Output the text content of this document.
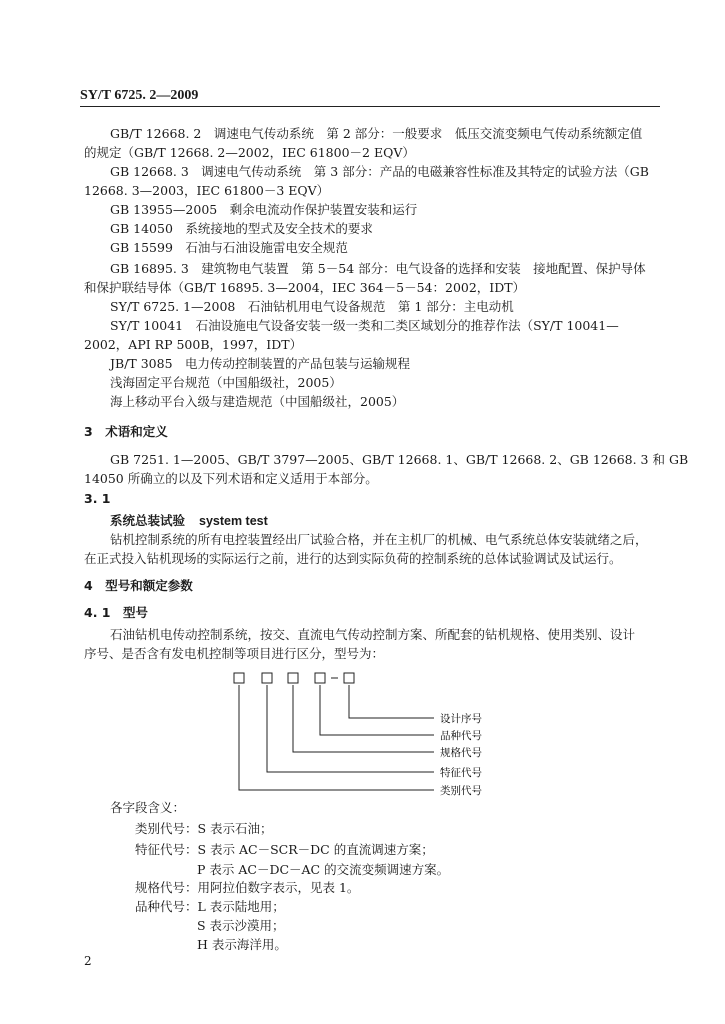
SY/T 6725. 2—2009
GB/T 12668. 2　调速电气传动系统　第 2 部分：一般要求　低压交流变频电气传动系统额定值
的规定（GB/T 12668. 2—2002，IEC 61800－2 EQV）
GB 12668. 3　调速电气传动系统　第 3 部分：产品的电磁兼容性标准及其特定的试验方法（GB
12668. 3—2003，IEC 61800－3 EQV）
GB 13955—2005　剩余电流动作保护装置安装和运行
GB 14050　系统接地的型式及安全技术的要求
GB 15599　石油与石油设施雷电安全规范
GB 16895. 3　建筑物电气装置　第 5－54 部分：电气设备的选择和安装　接地配置、保护导体
和保护联结导体（GB/T 16895. 3—2004，IEC 364－5－54：2002，IDT）
SY/T 6725. 1—2008　石油钻机用电气设备规范　第 1 部分：主电动机
SY/T 10041　石油设施电气设备安装一级一类和二类区域划分的推荐作法（SY/T 10041—
2002，API RP 500B，1997，IDT）
JB/T 3085　电力传动控制装置的产品包装与运输规程
浅海固定平台规范（中国船级社，2005）
海上移动平台入级与建造规范（中国船级社，2005）
3　术语和定义
GB 7251. 1—2005、GB/T 3797—2005、GB/T 12668. 1、GB/T 12668. 2、GB 12668. 3 和 GB
14050 所确立的以及下列术语和定义适用于本部分。
3. 1
系统总装试验 system test
钻机控制系统的所有电控装置经出厂试验合格，并在主机厂的机械、电气系统总体安装就绪之后，
在正式投入钻机现场的实际运行之前，进行的达到实际负荷的控制系统的总体试验调试及试运行。
4　型号和额定参数
4. 1　型号
石油钻机电传动控制系统，按交、直流电气传动控制方案、所配套的钻机规格、使用类别、设计
序号、是否含有发电机控制等项目进行区分，型号为：
设计序号
品种代号
规格代号
特征代号
类别代号
各字段含义：
类别代号：S 表示石油；
特征代号：S 表示 AC－SCR－DC 的直流调速方案；
P 表示 AC－DC－AC 的交流变频调速方案。
规格代号：用阿拉伯数字表示，见表 1。
品种代号：L 表示陆地用；
S 表示沙漠用；
H 表示海洋用。
2
